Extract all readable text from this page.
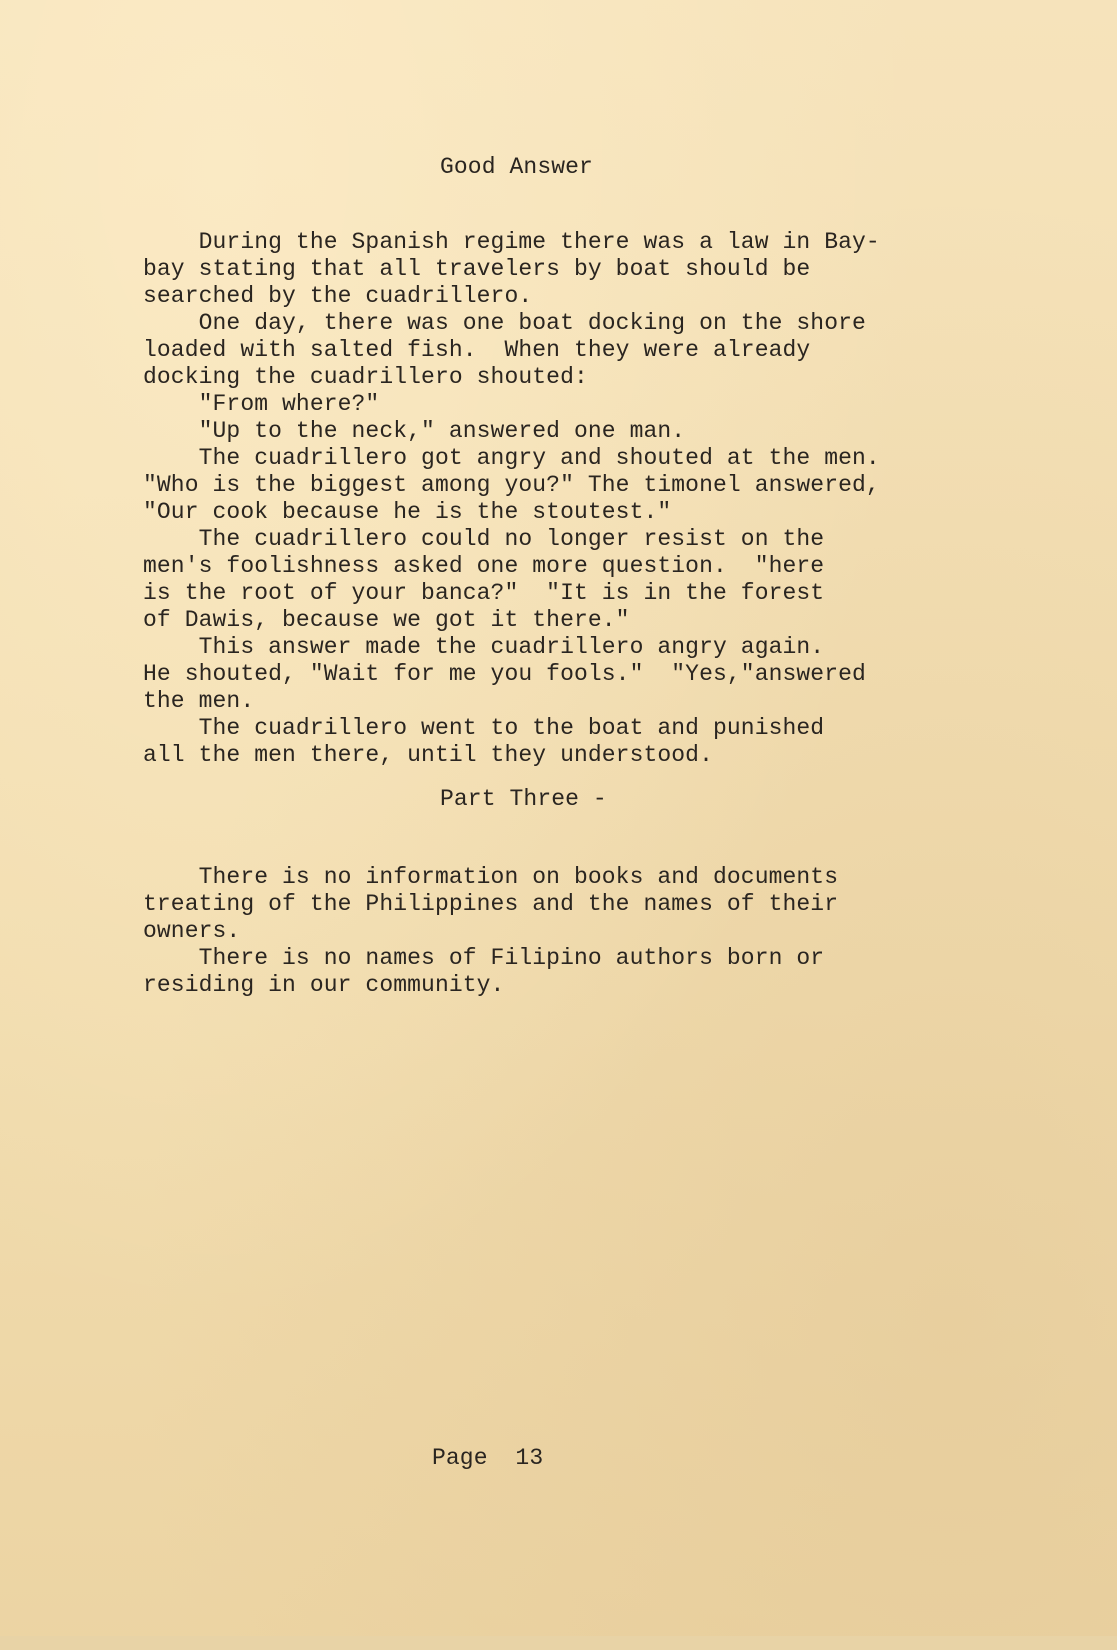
Good Answer
During the Spanish regime there was a law in Bay-
bay stating that all travelers by boat should be
searched by the cuadrillero.
One day, there was one boat docking on the shore
loaded with salted fish.  When they were already
docking the cuadrillero shouted:
"From where?"
"Up to the neck," answered one man.
The cuadrillero got angry and shouted at the men.
"Who is the biggest among you?" The timonel answered,
"Our cook because he is the stoutest."
The cuadrillero could no longer resist on the
men's foolishness asked one more question.  "here
is the root of your banca?"  "It is in the forest
of Dawis, because we got it there."
This answer made the cuadrillero angry again.
He shouted, "Wait for me you fools."  "Yes,"answered
the men.
The cuadrillero went to the boat and punished
all the men there, until they understood.
Part Three -
There is no information on books and documents
treating of the Philippines and the names of their
owners.
There is no names of Filipino authors born or
residing in our community.
Page  13
